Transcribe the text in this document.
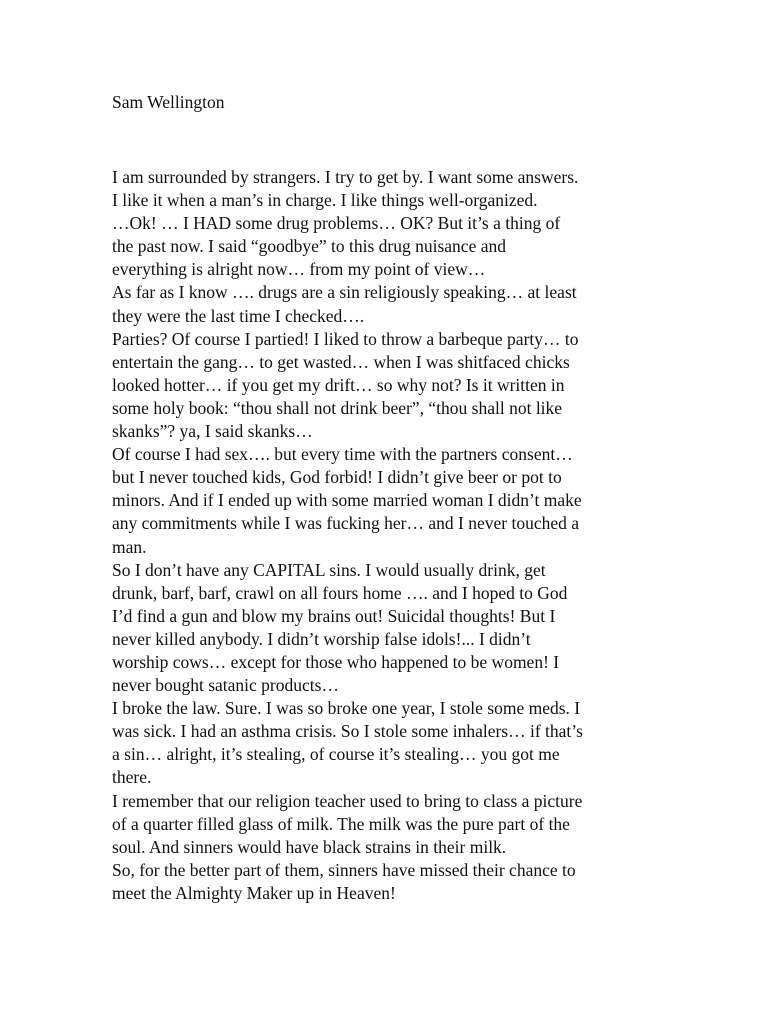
Sam Wellington
I am surrounded by strangers. I try to get by. I want some answers.
I like it when a man’s in charge. I like things well-organized.
…Ok! … I HAD some drug problems… OK? But it’s a thing of
the past now. I said “goodbye” to this drug nuisance and
everything is alright now… from my point of view…
As far as I know …. drugs are a sin religiously speaking… at least
they were the last time I checked….
Parties? Of course I partied! I liked to throw a barbeque party… to
entertain the gang… to get wasted… when I was shitfaced chicks
looked hotter… if you get my drift… so why not? Is it written in
some holy book: “thou shall not drink beer”, “thou shall not like
skanks”? ya, I said skanks…
Of course I had sex…. but every time with the partners consent…
but I never touched kids, God forbid! I didn’t give beer or pot to
minors. And if I ended up with some married woman I didn’t make
any commitments while I was fucking her… and I never touched a
man.
So I don’t have any CAPITAL sins. I would usually drink, get
drunk, barf, barf, crawl on all fours home …. and I hoped to God
I’d find a gun and blow my brains out! Suicidal thoughts! But I
never killed anybody. I didn’t worship false idols!... I didn’t
worship cows… except for those who happened to be women! I
never bought satanic products…
I broke the law. Sure. I was so broke one year, I stole some meds. I
was sick. I had an asthma crisis. So I stole some inhalers… if that’s
a sin… alright, it’s stealing, of course it’s stealing… you got me
there.
I remember that our religion teacher used to bring to class a picture
of a quarter filled glass of milk. The milk was the pure part of the
soul. And sinners would have black strains in their milk.
So, for the better part of them, sinners have missed their chance to
meet the Almighty Maker up in Heaven!
